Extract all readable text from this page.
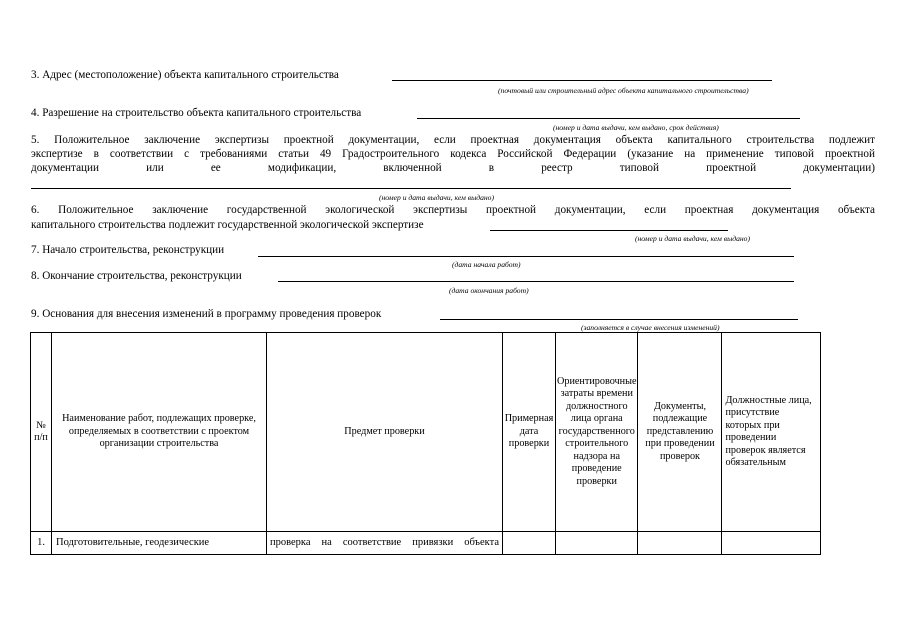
3. Адрес (местоположение) объекта капитального строительства
(почтовый или строительный адрес объекта капитального строительства)
4. Разрешение на строительство объекта капитального строительства
(номер и дата выдачи, кем выдано, срок действия)
5. Положительное заключение экспертизы проектной документации, если проектная документация объекта капитального строительства подлежит
экспертизе в соответствии с требованиями статьи 49 Градостроительного кодекса Российской Федерации (указание на применение типовой проектной
документации или ее модификации, включенной в реестр типовой проектной документации)
(номер и дата выдачи, кем выдано)
6. Положительное заключение государственной экологической экспертизы проектной документации, если проектная документация объекта
капитального строительства подлежит государственной экологической экспертизе
(номер и дата выдачи, кем выдано)
7. Начало строительства, реконструкции
(дата начала работ)
8. Окончание строительства, реконструкции
(дата окончания работ)
9. Основания для внесения изменений в программу проведения проверок
(заполняется в случае внесения изменений)
№ п/п	Наименование работ, подлежащих проверке, определяемых в соответствии с проектом организации строительства	Предмет проверки	Примерная дата проверки	Ориентировочные затраты времени должностного лица органа государственного строительного надзора на проведение проверки	Документы, подлежащие представлению при проведении проверок	Должностные лица, присутствие которых при проведении проверок является обязательным
1.	Подготовительные, геодезические	проверка на соответствие привязки объекта				
